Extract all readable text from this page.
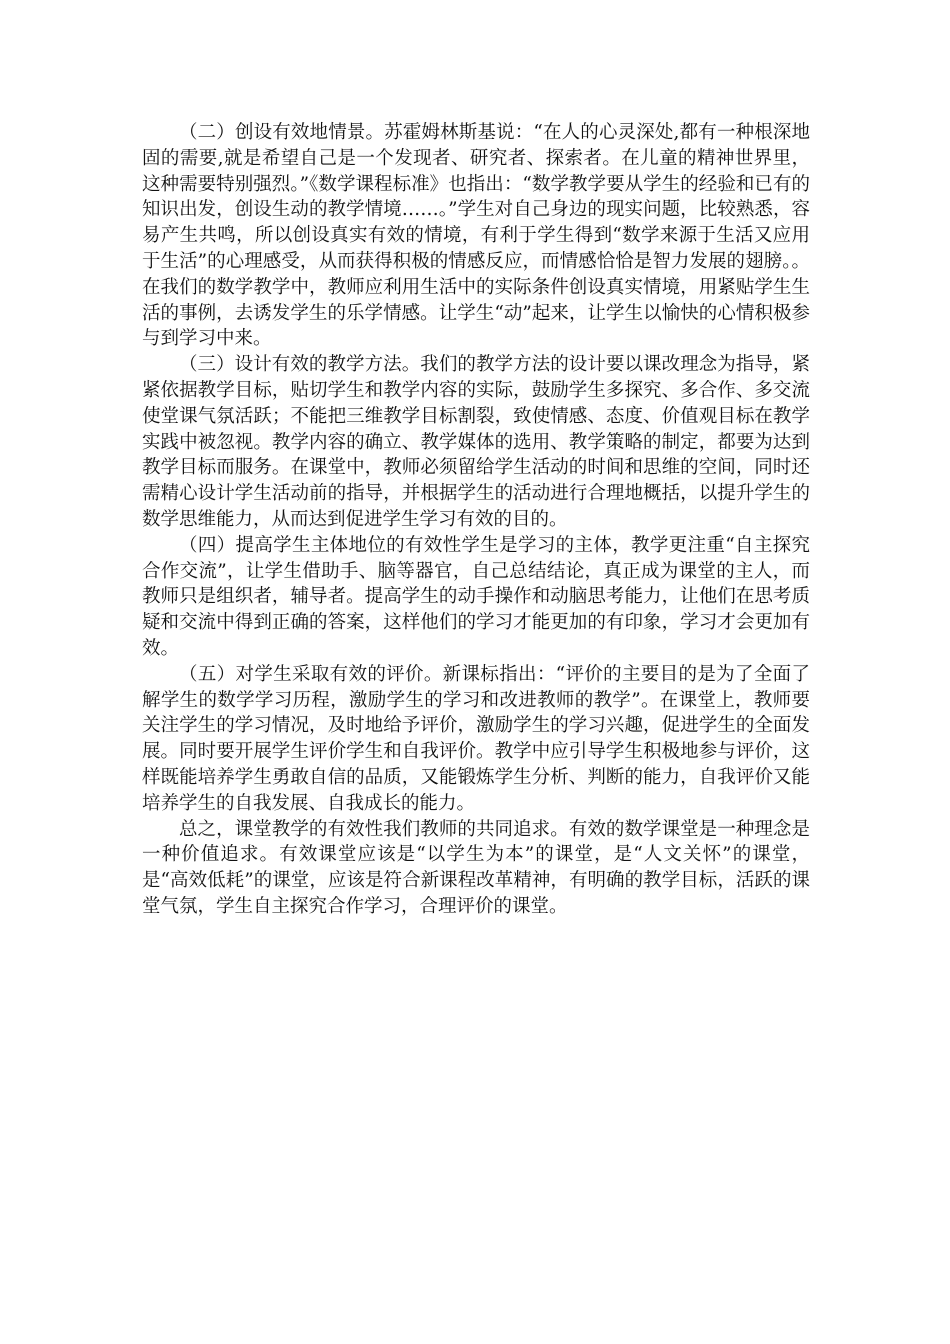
（二）创设有效地情景。苏霍姆林斯基说：“在人的心灵深处,都有一种根深地固的需要,就是希望自己是一个发现者、研究者、探索者。在儿童的精神世界里，这种需要特别强烈。”《数学课程标准》也指出：“数学教学要从学生的经验和已有的知识出发，创设生动的教学情境……。”学生对自己身边的现实问题，比较熟悉，容易产生共鸣，所以创设真实有效的情境，有利于学生得到“数学来源于生活又应用于生活”的心理感受，从而获得积极的情感反应，而情感恰恰是智力发展的翅膀。。在我们的数学教学中，教师应利用生活中的实际条件创设真实情境，用紧贴学生生活的事例，去诱发学生的乐学情感。让学生“动”起来，让学生以愉快的心情积极参与到学习中来。

（三）设计有效的教学方法。我们的教学方法的设计要以课改理念为指导，紧紧依据教学目标，贴切学生和教学内容的实际，鼓励学生多探究、多合作、多交流使堂课气氛活跃；不能把三维教学目标割裂，致使情感、态度、价值观目标在教学实践中被忽视。教学内容的确立、教学媒体的选用、教学策略的制定，都要为达到教学目标而服务。在课堂中，教师必须留给学生活动的时间和思维的空间，同时还需精心设计学生活动前的指导，并根据学生的活动进行合理地概括，以提升学生的数学思维能力，从而达到促进学生学习有效的目的。

（四）提高学生主体地位的有效性学生是学习的主体，教学更注重“自主探究合作交流”，让学生借助手、脑等器官，自己总结结论，真正成为课堂的主人，而教师只是组织者，辅导者。提高学生的动手操作和动脑思考能力，让他们在思考质疑和交流中得到正确的答案，这样他们的学习才能更加的有印象，学习才会更加有效。

（五）对学生采取有效的评价。新课标指出：“评价的主要目的是为了全面了解学生的数学学习历程，激励学生的学习和改进教师的教学”。在课堂上，教师要关注学生的学习情况，及时地给予评价，激励学生的学习兴趣，促进学生的全面发展。同时要开展学生评价学生和自我评价。教学中应引导学生积极地参与评价，这样既能培养学生勇敢自信的品质，又能锻炼学生分析、判断的能力，自我评价又能培养学生的自我发展、自我成长的能力。

总之，课堂教学的有效性我们教师的共同追求。有效的数学课堂是一种理念是一种价值追求。有效课堂应该是“以学生为本”的课堂，是“人文关怀”的课堂，是“高效低耗”的课堂，应该是符合新课程改革精神，有明确的教学目标，活跃的课堂气氛，学生自主探究合作学习，合理评价的课堂。
